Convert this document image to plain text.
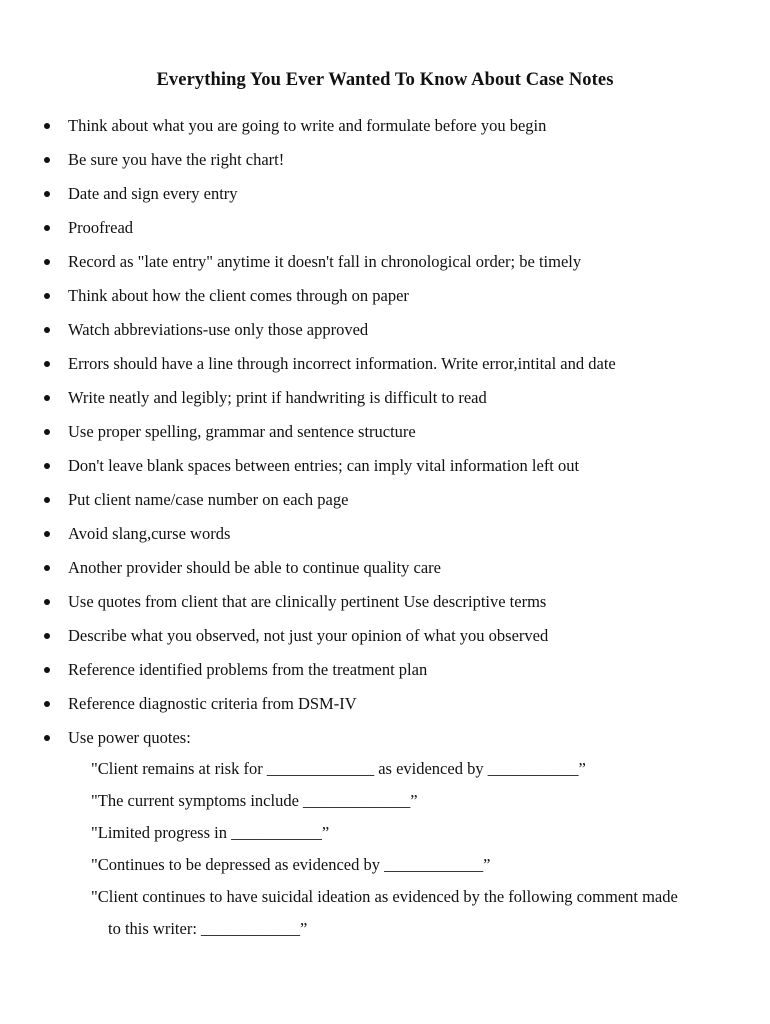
Everything You Ever Wanted To Know About Case Notes
Think about what you are going to write and formulate before you begin
Be sure you have the right chart!
Date and sign every entry
Proofread
Record as "late entry" anytime it doesn't fall in chronological order; be timely
Think about how the client comes through on paper
Watch abbreviations-use only those approved
Errors should have a line through incorrect information. Write error,intital and date
Write neatly and legibly; print if handwriting is difficult to read
Use proper spelling, grammar and sentence structure
Don't leave blank spaces between entries; can imply vital information left out
Put client name/case number on each page
Avoid slang,curse words
Another provider should be able to continue quality care
Use quotes from client that are clinically pertinent Use descriptive terms
Describe what you observed, not just your opinion of what you observed
Reference identified problems from the treatment plan
Reference diagnostic criteria from DSM-IV
Use power quotes:
"Client remains at risk for _____________ as evidenced by ___________”
"The current symptoms include _____________”
"Limited progress in ___________”
"Continues to be depressed as evidenced by ____________”
"Client continues to have suicidal ideation as evidenced by the following comment made
to this writer: ____________”
